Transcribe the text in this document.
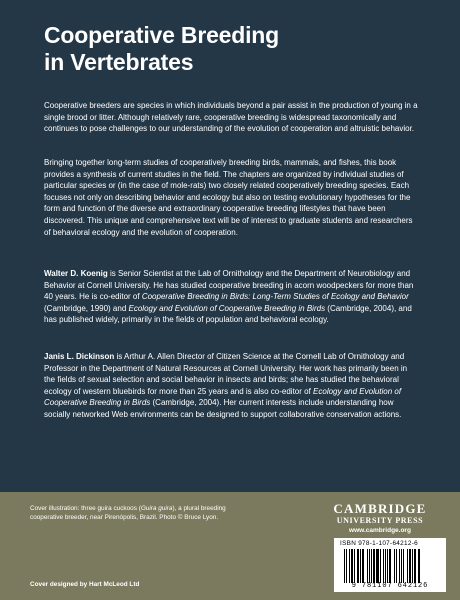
Cooperative Breeding
in Vertebrates

Cooperative breeders are species in which individuals beyond a pair assist in the production of young in a single brood or litter. Although relatively rare, cooperative breeding is widespread taxonomically and continues to pose challenges to our understanding of the evolution of cooperation and altruistic behavior.

Bringing together long-term studies of cooperatively breeding birds, mammals, and fishes, this book provides a synthesis of current studies in the field. The chapters are organized by individual studies of particular species or (in the case of mole-rats) two closely related cooperatively breeding species. Each focuses not only on describing behavior and ecology but also on testing evolutionary hypotheses for the form and function of the diverse and extraordinary cooperative breeding lifestyles that have been discovered. This unique and comprehensive text will be of interest to graduate students and researchers of behavioral ecology and the evolution of cooperation.

Walter D. Koenig is Senior Scientist at the Lab of Ornithology and the Department of Neurobiology and Behavior at Cornell University. He has studied cooperative breeding in acorn woodpeckers for more than 40 years. He is co-editor of Cooperative Breeding in Birds: Long-Term Studies of Ecology and Behavior (Cambridge, 1990) and Ecology and Evolution of Cooperative Breeding in Birds (Cambridge, 2004), and has published widely, primarily in the fields of population and behavioral ecology.

Janis L. Dickinson is Arthur A. Allen Director of Citizen Science at the Cornell Lab of Ornithology and Professor in the Department of Natural Resources at Cornell University. Her work has primarily been in the fields of sexual selection and social behavior in insects and birds; she has studied the behavioral ecology of western bluebirds for more than 25 years and is also co-editor of Ecology and Evolution of Cooperative Breeding in Birds (Cambridge, 2004). Her current interests include understanding how socially networked Web environments can be designed to support collaborative conservation actions.

Cover illustration: three guira cuckoos (Guira guira), a plural breeding cooperative breeder, near Pirenópolis, Brazil. Photo © Bruce Lyon.

Cover designed by Hart McLeod Ltd

CAMBRIDGE
UNIVERSITY PRESS
www.cambridge.org
ISBN 978-1-107-64212-6
9 781107 642126
